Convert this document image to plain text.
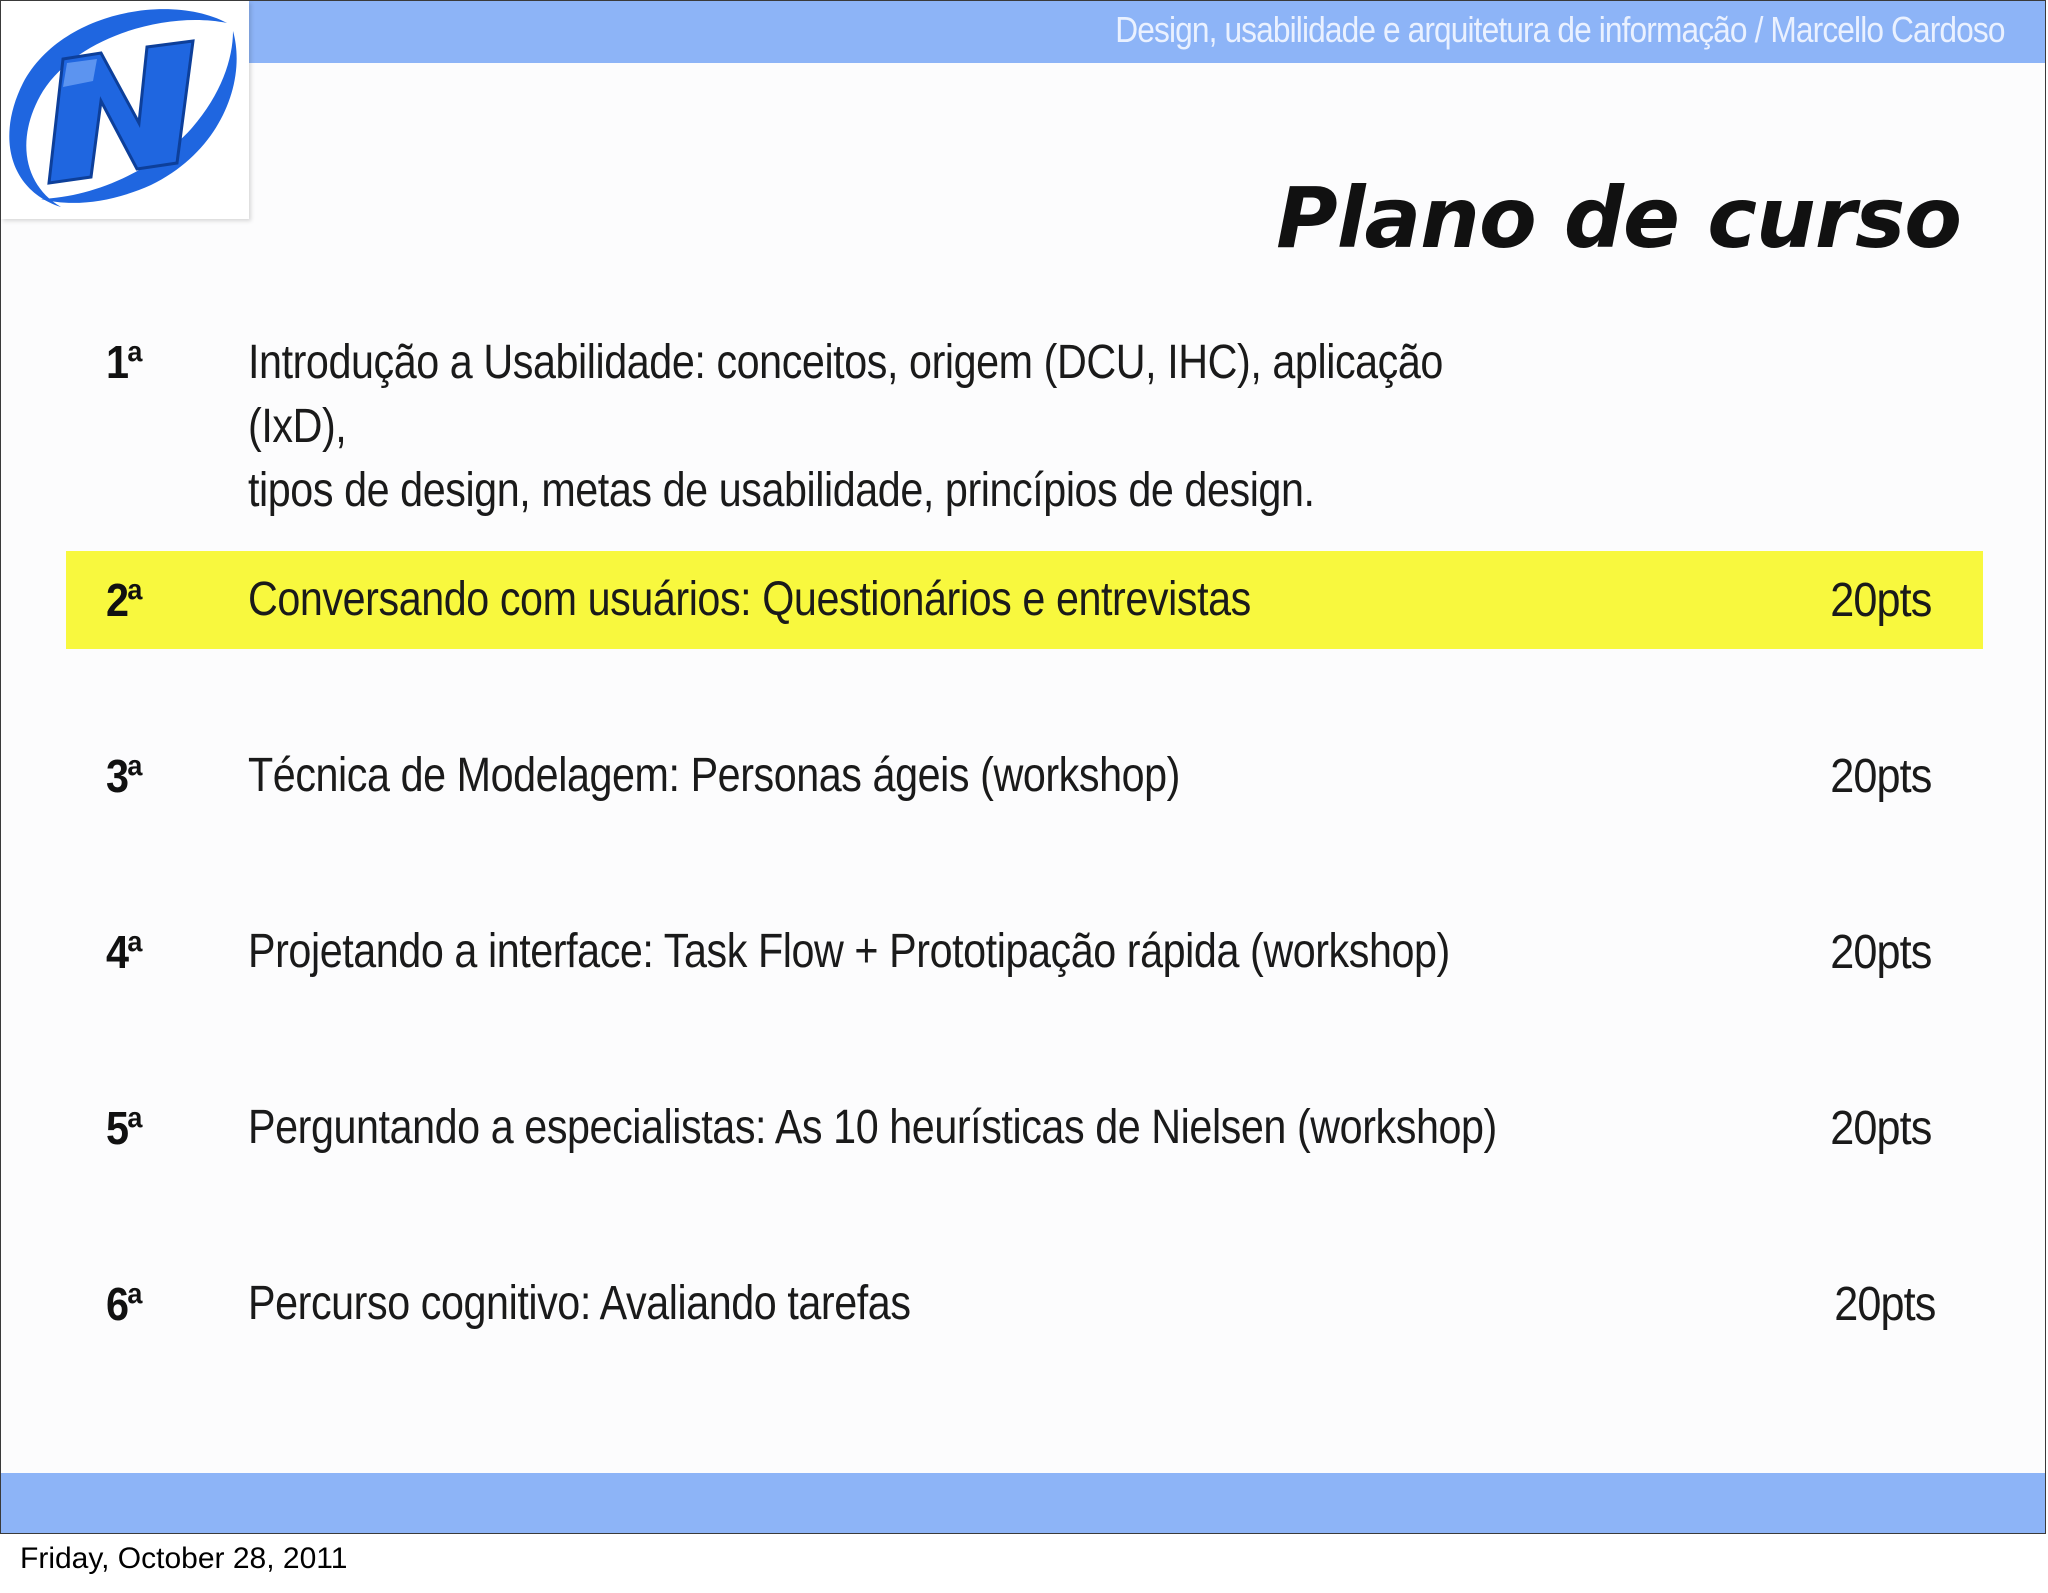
Design, usabilidade e arquitetura de informação / Marcello Cardoso
Plano de curso
1ª Introdução a Usabilidade: conceitos, origem (DCU, IHC), aplicação (IxD),
tipos de design, metas de usabilidade, princípios de design.
2ª Conversando com usuários: Questionários e entrevistas	20pts
3ª Técnica de Modelagem: Personas ágeis (workshop)	20pts
4ª Projetando a interface: Task Flow + Prototipação rápida (workshop)	20pts
5ª Perguntando a especialistas: As 10 heurísticas de Nielsen (workshop)	20pts
6ª Percurso cognitivo: Avaliando tarefas	20pts
Friday, October 28, 2011
